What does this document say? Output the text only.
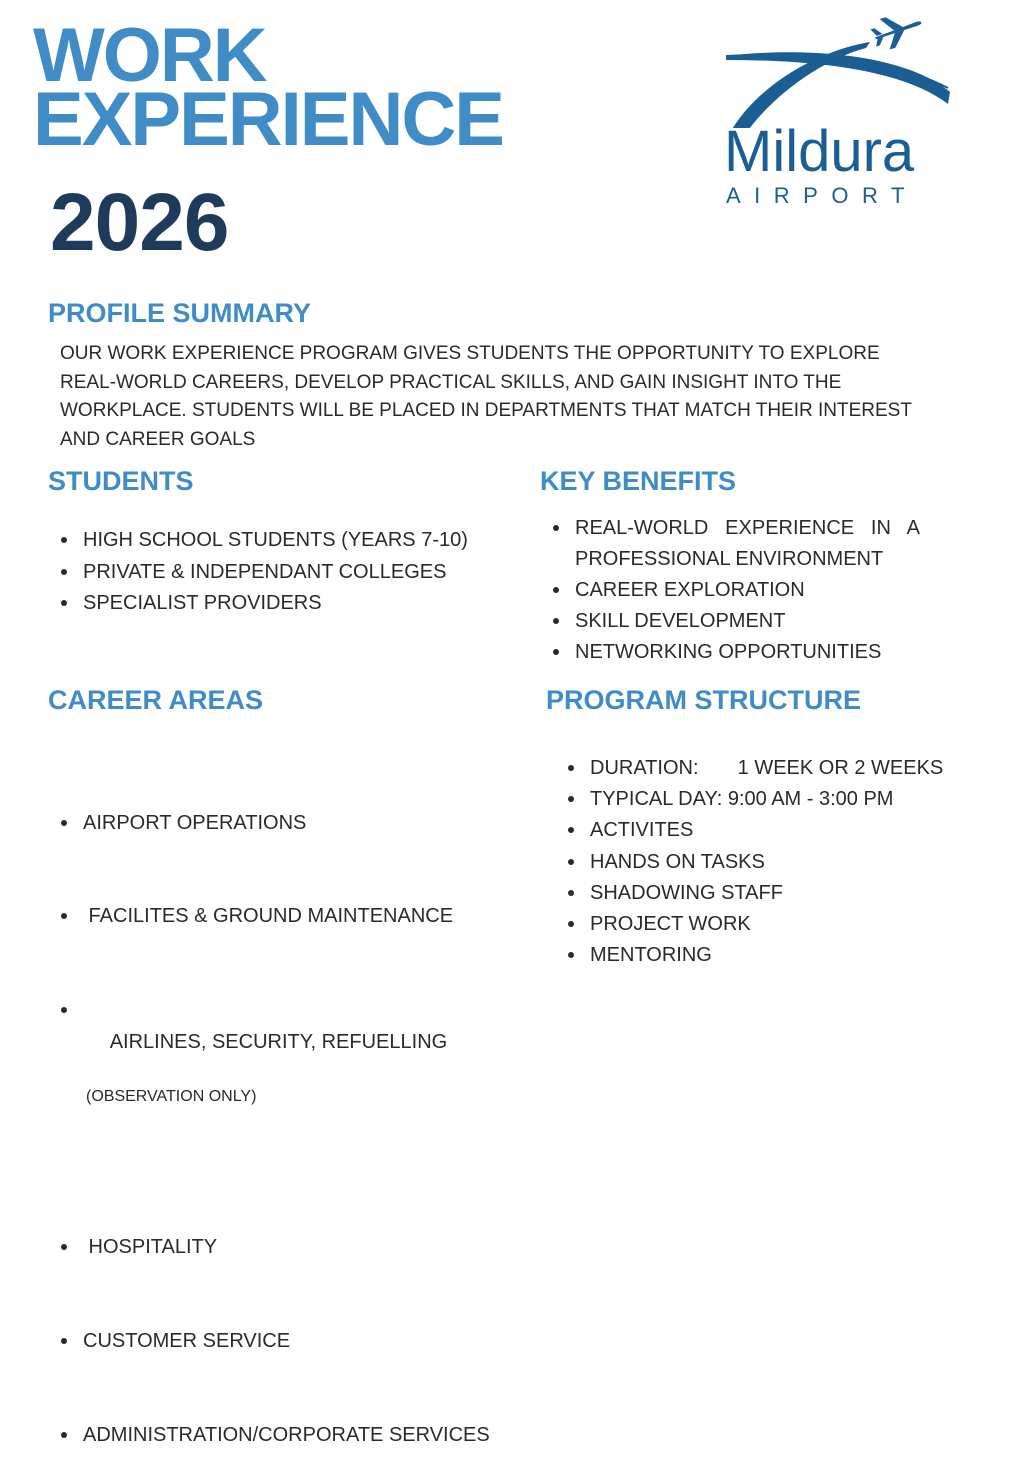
WORK
EXPERIENCE
2026
Mildura
AIRPORT
PROFILE SUMMARY
OUR WORK EXPERIENCE PROGRAM GIVES STUDENTS THE OPPORTUNITY TO EXPLORE REAL-WORLD CAREERS, DEVELOP PRACTICAL SKILLS, AND GAIN INSIGHT INTO THE WORKPLACE. STUDENTS WILL BE PLACED IN DEPARTMENTS THAT MATCH THEIR INTEREST AND CAREER GOALS
STUDENTS
HIGH SCHOOL STUDENTS (YEARS 7-10)
PRIVATE & INDEPENDANT COLLEGES
SPECIALIST PROVIDERS
KEY BENEFITS
REAL-WORLD EXPERIENCE IN A PROFESSIONAL ENVIRONMENT
CAREER EXPLORATION
SKILL DEVELOPMENT
NETWORKING OPPORTUNITIES
CAREER AREAS

AIRPORT OPERATIONS

FACILITES & GROUND MAINTENANCE

AIRLINES, SECURITY, REFUELLING

(OBSERVATION ONLY)

HOSPITALITY

CUSTOMER SERVICE

ADMINISTRATION/CORPORATE SERVICES

PROGRAM STRUCTURE
DURATION: 1 WEEK OR 2 WEEKS
TYPICAL DAY: 9:00 AM - 3:00 PM
ACTIVITES
HANDS ON TASKS
SHADOWING STAFF
PROJECT WORK
MENTORING
